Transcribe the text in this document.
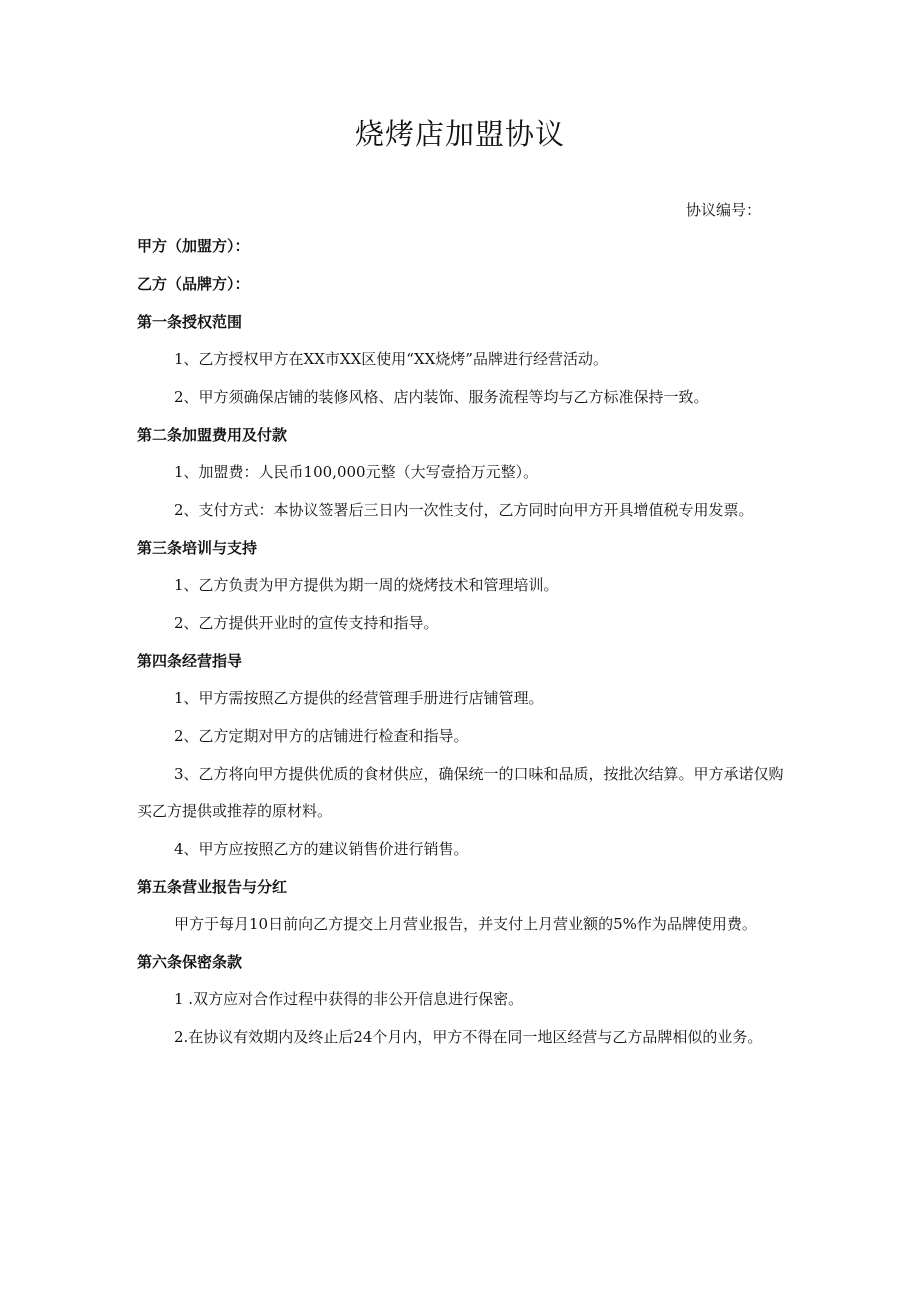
烧烤店加盟协议
协议编号：

甲方（加盟方）：

乙方（品牌方）：

第一条授权范围

1、乙方授权甲方在XX市XX区使用“XX烧烤”品牌进行经营活动。

2、甲方须确保店铺的装修风格、店内装饰、服务流程等均与乙方标准保持一致。

第二条加盟费用及付款

1、加盟费：人民币100,000元整（大写壹拾万元整）。

2、支付方式：本协议签署后三日内一次性支付，乙方同时向甲方开具增值税专用发票。

第三条培训与支持

1、乙方负责为甲方提供为期一周的烧烤技术和管理培训。

2、乙方提供开业时的宣传支持和指导。

第四条经营指导

1、甲方需按照乙方提供的经营管理手册进行店铺管理。

2、乙方定期对甲方的店铺进行检查和指导。

3、乙方将向甲方提供优质的食材供应，确保统一的口味和品质，按批次结算。甲方承诺仅购买乙方提供或推荐的原材料。

4、甲方应按照乙方的建议销售价进行销售。

第五条营业报告与分红

甲方于每月10日前向乙方提交上月营业报告，并支付上月营业额的5%作为品牌使用费。

第六条保密条款

1 .双方应对合作过程中获得的非公开信息进行保密。

2.在协议有效期内及终止后24个月内，甲方不得在同一地区经营与乙方品牌相似的业务。
